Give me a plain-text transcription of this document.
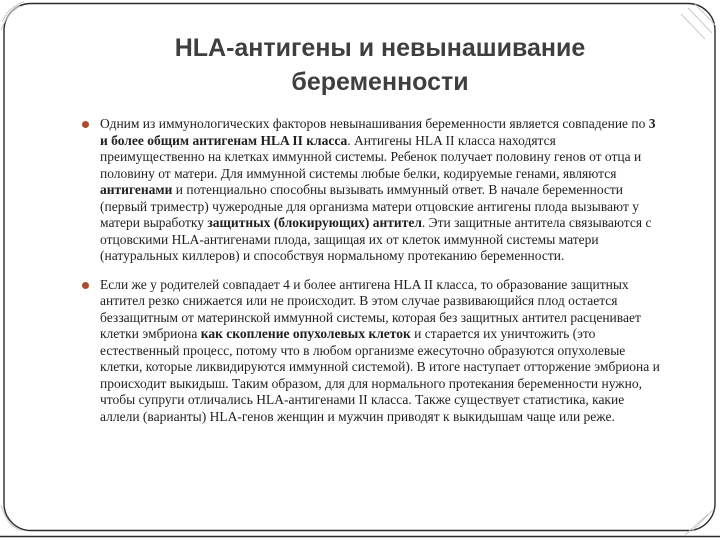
HLA-антигены и невынашивание беременности
Одним из иммунологических факторов невынашивания беременности является совпадение по 3 и более общим антигенам HLA II класса. Антигены HLA II класса находятся преимущественно на клетках иммунной системы. Ребенок получает половину генов от отца и половину от матери. Для иммунной системы любые белки, кодируемые генами, являются антигенами и потенциально способны вызывать иммунный ответ. В начале беременности (первый триместр) чужеродные для организма матери отцовские антигены плода вызывают у матери выработку защитных (блокирующих) антител. Эти защитные антитела связываются с отцовскими HLA-антигенами плода, защищая их от клеток иммунной системы матери (натуральных киллеров) и способствуя нормальному протеканию беременности.
Если же у родителей совпадает 4 и более антигена HLA II класса, то образование защитных антител резко снижается или не происходит. В этом случае развивающийся плод остается беззащитным от материнской иммунной системы, которая без защитных антител расценивает клетки эмбриона как скопление опухолевых клеток и старается их уничтожить (это естественный процесс, потому что в любом организме ежесуточно образуются опухолевые клетки, которые ликвидируются иммунной системой). В итоге наступает отторжение эмбриона и происходит выкидыш. Таким образом, для для нормального протекания беременности нужно, чтобы супруги отличались HLA-антигенами II класса. Также существует статистика, какие аллели (варианты) HLA-генов женщин и мужчин приводят к выкидышам чаще или реже.
